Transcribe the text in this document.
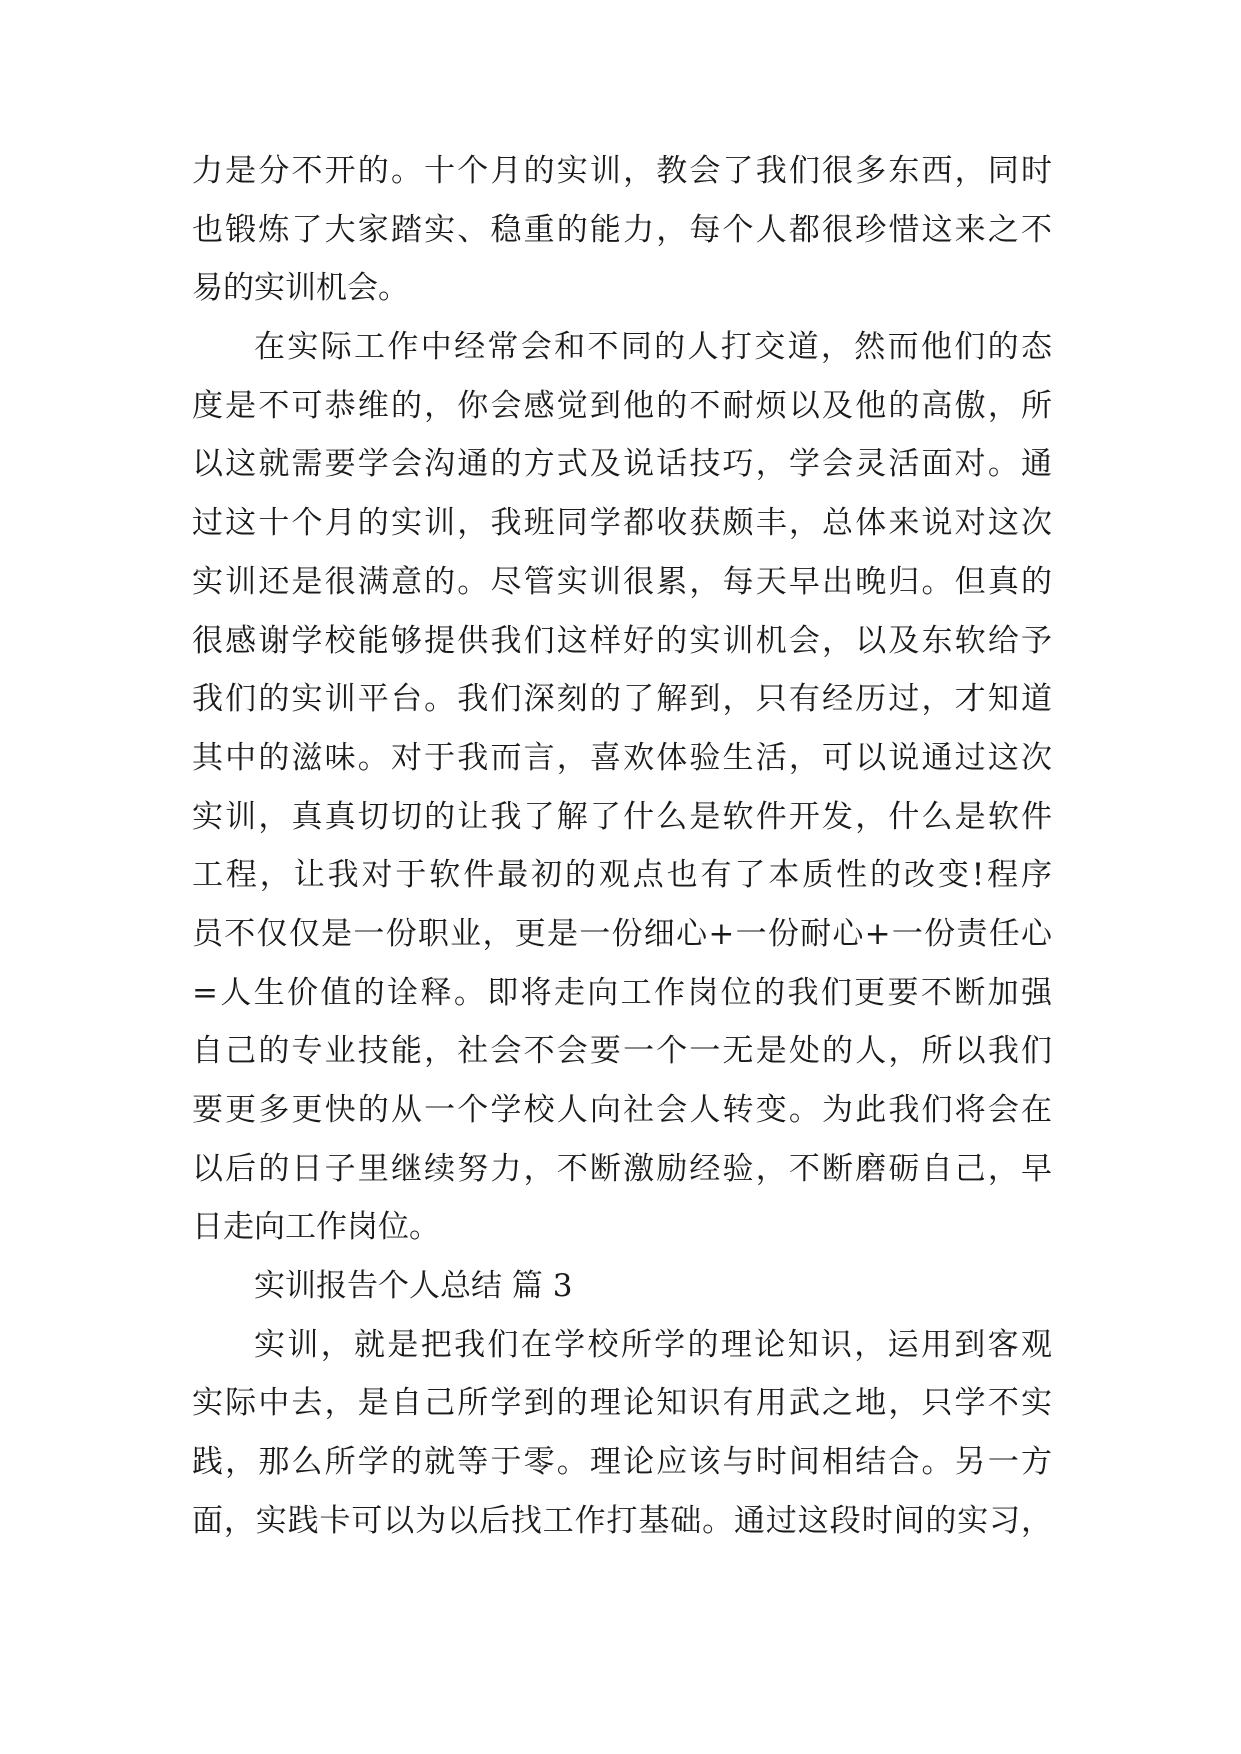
力是分不开的。十个月的实训，教会了我们很多东西，同时
也锻炼了大家踏实、稳重的能力，每个人都很珍惜这来之不
易的实训机会。
在实际工作中经常会和不同的人打交道，然而他们的态
度是不可恭维的，你会感觉到他的不耐烦以及他的高傲，所
以这就需要学会沟通的方式及说话技巧，学会灵活面对。通
过这十个月的实训，我班同学都收获颇丰，总体来说对这次
实训还是很满意的。尽管实训很累，每天早出晚归。但真的
很感谢学校能够提供我们这样好的实训机会，以及东软给予
我们的实训平台。我们深刻的了解到，只有经历过，才知道
其中的滋味。对于我而言，喜欢体验生活，可以说通过这次
实训，真真切切的让我了解了什么是软件开发，什么是软件
工程，让我对于软件最初的观点也有了本质性的改变!程序
员不仅仅是一份职业，更是一份细心+一份耐心+一份责任心
=人生价值的诠释。即将走向工作岗位的我们更要不断加强
自己的专业技能，社会不会要一个一无是处的人，所以我们
要更多更快的从一个学校人向社会人转变。为此我们将会在
以后的日子里继续努力，不断激励经验，不断磨砺自己，早
日走向工作岗位。
实训报告个人总结 篇 3
实训，就是把我们在学校所学的理论知识，运用到客观
实际中去，是自己所学到的理论知识有用武之地，只学不实
践，那么所学的就等于零。理论应该与时间相结合。另一方
面，实践卡可以为以后找工作打基础。通过这段时间的实习，
